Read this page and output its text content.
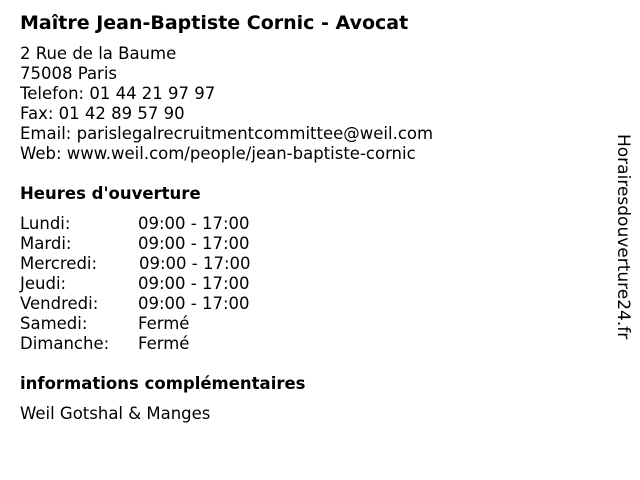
Maître Jean-Baptiste Cornic - Avocat
2 Rue de la Baume
75008 Paris
Telefon: 01 44 21 97 97
Fax: 01 42 89 57 90
Email: parislegalrecruitmentcommittee@weil.com
Web: www.weil.com/people/jean-baptiste-cornic
Heures d'ouverture
Lundi:	09:00 - 17:00
Mardi:	09:00 - 17:00
Mercredi:	09:00 - 17:00
Jeudi:	09:00 - 17:00
Vendredi: 09:00 - 17:00
Samedi:	Fermé
Dimanche: Fermé
informations complémentaires
Weil Gotshal & Manges
Horairesdouverture24.fr
